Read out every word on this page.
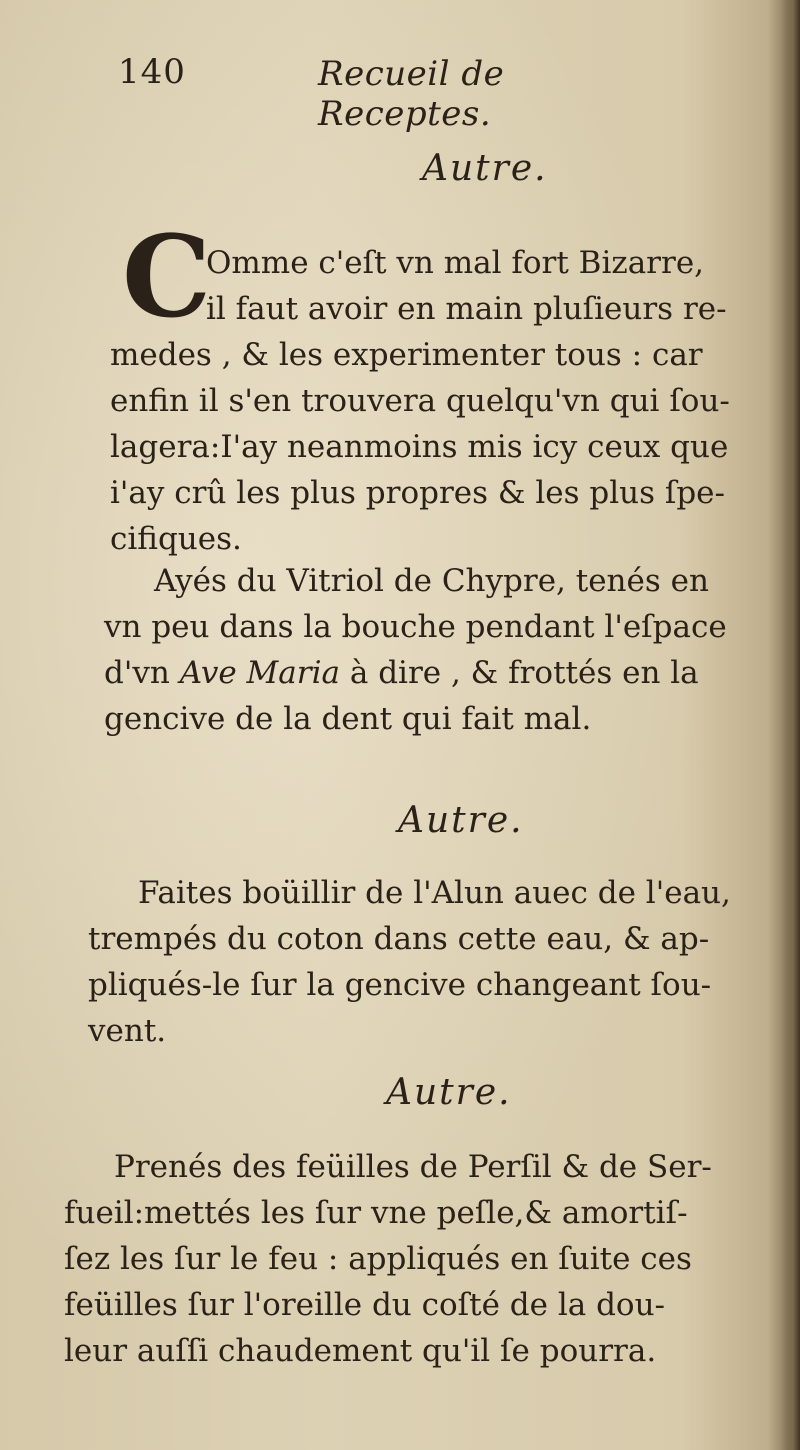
140	Recueil de Receptes.
Autre.
C
Omme c'eſt vn mal fort Bizarre,
il faut avoir en main pluſieurs re-
medes , & les experimenter tous : car
enfin il s'en trouvera quelqu'vn qui ſou-
lagera:I'ay neanmoins mis icy ceux que
i'ay crû les plus propres & les plus ſpe-
cifiques.
Ayés du Vitriol de Chypre, tenés en
vn peu dans la bouche pendant l'eſpace
d'vn Ave Maria à dire , & frottés en la
gencive de la dent qui fait mal.
Autre.
Faites boüillir de l'Alun auec de l'eau,
trempés du coton dans cette eau, & ap-
pliqués-le ſur la gencive changeant ſou-
vent.
Autre.
Prenés des feüilles de Perſil & de Ser-
fueil:mettés les ſur vne peſle,& amortiſ-
ſez les ſur le feu : appliqués en ſuite ces
feüilles ſur l'oreille du coſté de la dou-
leur auſſi chaudement qu'il ſe pourra.
